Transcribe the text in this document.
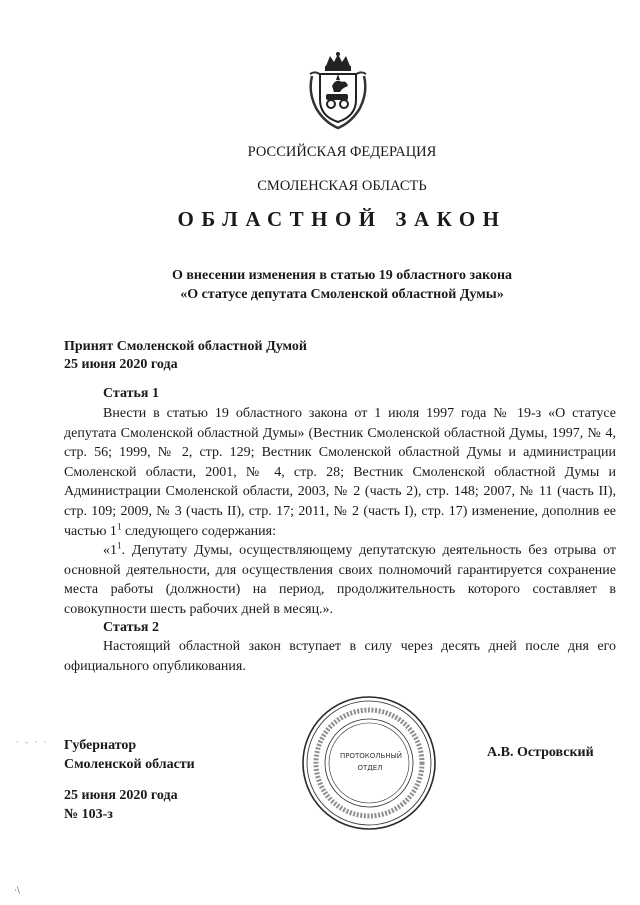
РОССИЙСКАЯ ФЕДЕРАЦИЯ
СМОЛЕНСКАЯ ОБЛАСТЬ
ОБЛАСТНОЙ ЗАКОН
О внесении изменения в статью 19 областного закона
«О статусе депутата Смоленской областной Думы»
Принят Смоленской областной Думой
25 июня 2020 года
Статья 1

Внести в статью 19 областного закона от 1 июля 1997 года № 19-з «О статусе депутата Смоленской областной Думы» (Вестник Смоленской областной Думы, 1997, № 4, стр. 56; 1999, № 2, стр. 129; Вестник Смоленской областной Думы и администрации Смоленской области, 2001, № 4, стр. 28; Вестник Смоленской областной Думы и Администрации Смоленской области, 2003, № 2 (часть 2), стр. 148; 2007, № 11 (часть II), стр. 109; 2009, № 3 (часть II), стр. 17; 2011, № 2 (часть I), стр. 17) изменение, дополнив ее частью $1^1$ следующего содержания:

«$1^1$. Депутату Думы, осуществляющему депутатскую деятельность без отрыва от основной деятельности, для осуществления своих полномочий гарантируется сохранение места работы (должности) на период, продолжительность которого составляет в совокупности шесть рабочих дней в месяц.».

Статья 2

Настоящий областной закон вступает в силу через десять дней после дня его официального опубликования.

Губернатор
Смоленской области
25 июня 2020 года
№ 103-з
А.В. Островский
ПРОТОКОЛЬНЫЙ
ОТДЕЛ
· - · ·
·\
